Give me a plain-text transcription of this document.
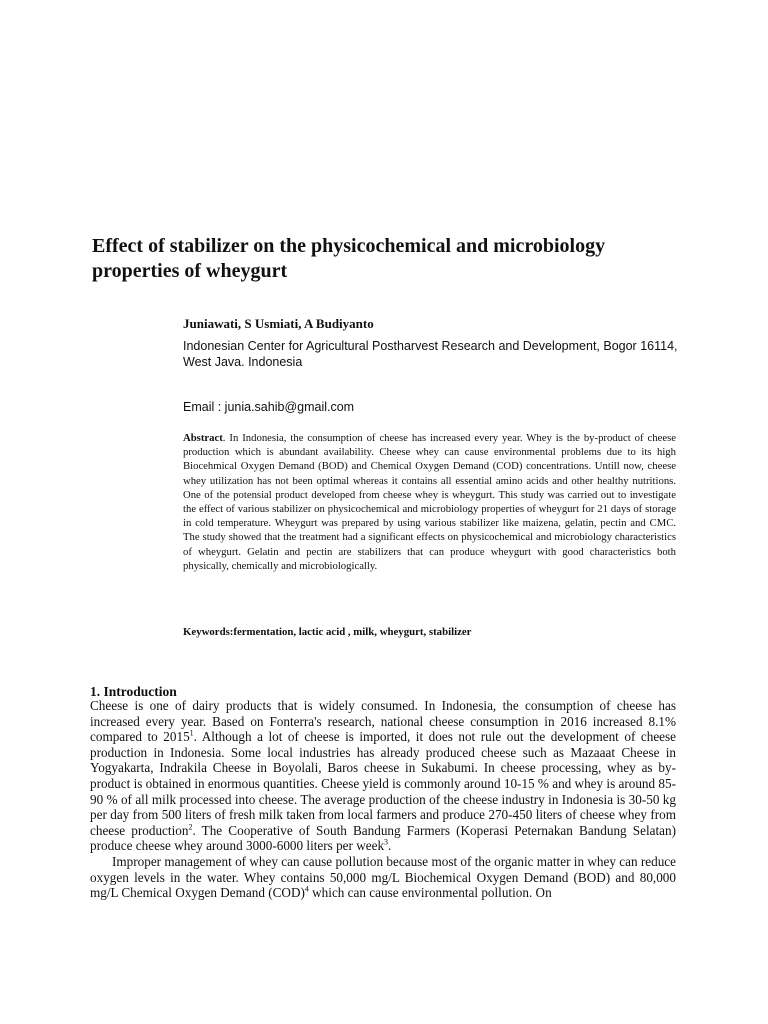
Effect of stabilizer on the physicochemical and microbiology properties of wheygurt

Juniawati, S Usmiati, A Budiyanto

Indonesian Center for Agricultural Postharvest Research and Development, Bogor 16114, West Java. Indonesia

Email : junia.sahib@gmail.com

Abstract. In Indonesia, the consumption of cheese has increased every year. Whey is the by-product of cheese production which is abundant availability. Cheese whey can cause environmental problems due to its high Biocehmical Oxygen Demand (BOD) and Chemical Oxygen Demand (COD) concentrations. Untill now, cheese whey utilization has not been optimal whereas it contains all essential amino acids and other healthy nutritions. One of the potensial product developed from cheese whey is wheygurt. This study was carried out to investigate the effect of various stabilizer on physicochemical and microbiology properties of wheygurt for 21 days of storage in cold temperature. Wheygurt was prepared by using various stabilizer like maizena, gelatin, pectin and CMC. The study showed that the treatment had a significant effects on physicochemical and microbiology characteristics of wheygurt. Gelatin and pectin are stabilizers that can produce wheygurt with good characteristics both physically, chemically and microbiologically.

Keywords:fermentation, lactic acid , milk, wheygurt, stabilizer

1. Introduction

Cheese is one of dairy products that is widely consumed. In Indonesia, the consumption of cheese has increased every year. Based on Fonterra's research, national cheese consumption in 2016 increased 8.1% compared to 2015$^1$. Although a lot of cheese is imported, it does not rule out the development of cheese production in Indonesia. Some local industries has already produced cheese such as Mazaaat Cheese in Yogyakarta, Indrakila Cheese in Boyolali, Baros cheese in Sukabumi. In cheese processing, whey as by-product is obtained in enormous quantities. Cheese yield is commonly around 10-15 % and whey is around 85-90 % of all milk processed into cheese. The average production of the cheese industry in Indonesia is 30-50 kg per day from 500 liters of fresh milk taken from local farmers and produce 270-450 liters of cheese whey from cheese production$^2$. The Cooperative of South Bandung Farmers (Koperasi Peternakan Bandung Selatan) produce cheese whey around 3000-6000 liters per week$^3$.

Improper management of whey can cause pollution because most of the organic matter in whey can reduce oxygen levels in the water. Whey contains 50,000 mg/L Biochemical Oxygen Demand (BOD) and 80,000 mg/L Chemical Oxygen Demand (COD)$^4$ which can cause environmental pollution. On
